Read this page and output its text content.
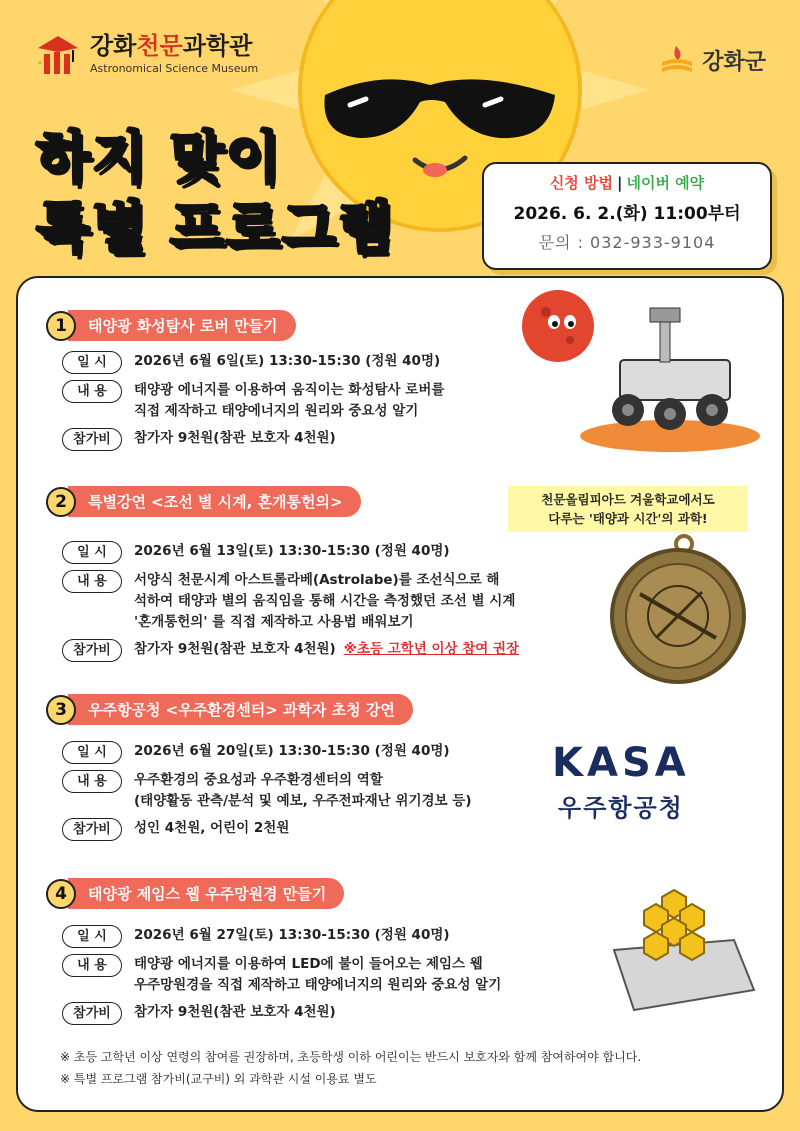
강화천문과학관
Astronomical Science Museum	강화군
하지 맞이
특별 프로그램
신청 방법 | 네이버 예약
2026. 6. 2.(화) 11:00부터
문의 : 032-933-9104
1	태양광 화성탐사 로버 만들기
일 시	2026년 6월 6일(토) 13:30-15:30 (정원 40명)
내 용	태양광 에너지를 이용하여 움직이는 화성탐사 로버를
직접 제작하고 태양에너지의 원리와 중요성 알기
참가비	참가자 9천원(참관 보호자 4천원)
2	특별강연 <조선 별 시계, 혼개통헌의>
일 시	2026년 6월 13일(토) 13:30-15:30 (정원 40명)
내 용	서양식 천문시계 아스트롤라베(Astrolabe)를 조선식으로 해
석하여 태양과 별의 움직임을 통해 시간을 측정했던 조선 별 시계
'혼개통헌의' 를 직접 제작하고 사용법 배워보기
참가비	참가자 9천원(참관 보호자 4천원) ※초등 고학년 이상 참여 권장
천문올림피아드 겨울학교에서도
다루는 '태양과 시간'의 과학!
3	우주항공청 <우주환경센터> 과학자 초청 강연
일 시	2026년 6월 20일(토) 13:30-15:30 (정원 40명)
내 용	우주환경의 중요성과 우주환경센터의 역할
(태양활동 관측/분석 및 예보, 우주전파재난 위기경보 등)
참가비	성인 4천원, 어린이 2천원
KASA
우주항공청
4	태양광 제임스 웹 우주망원경 만들기
일 시	2026년 6월 27일(토) 13:30-15:30 (정원 40명)
내 용	태양광 에너지를 이용하여 LED에 불이 들어오는 제임스 웹
우주망원경을 직접 제작하고 태양에너지의 원리와 중요성 알기
참가비	참가자 9천원(참관 보호자 4천원)
※ 초등 고학년 이상 연령의 참여를 권장하며, 초등학생 이하 어린이는 반드시 보호자와 함께 참여하여야 합니다.
※ 특별 프로그램 참가비(교구비) 외 과학관 시설 이용료 별도
